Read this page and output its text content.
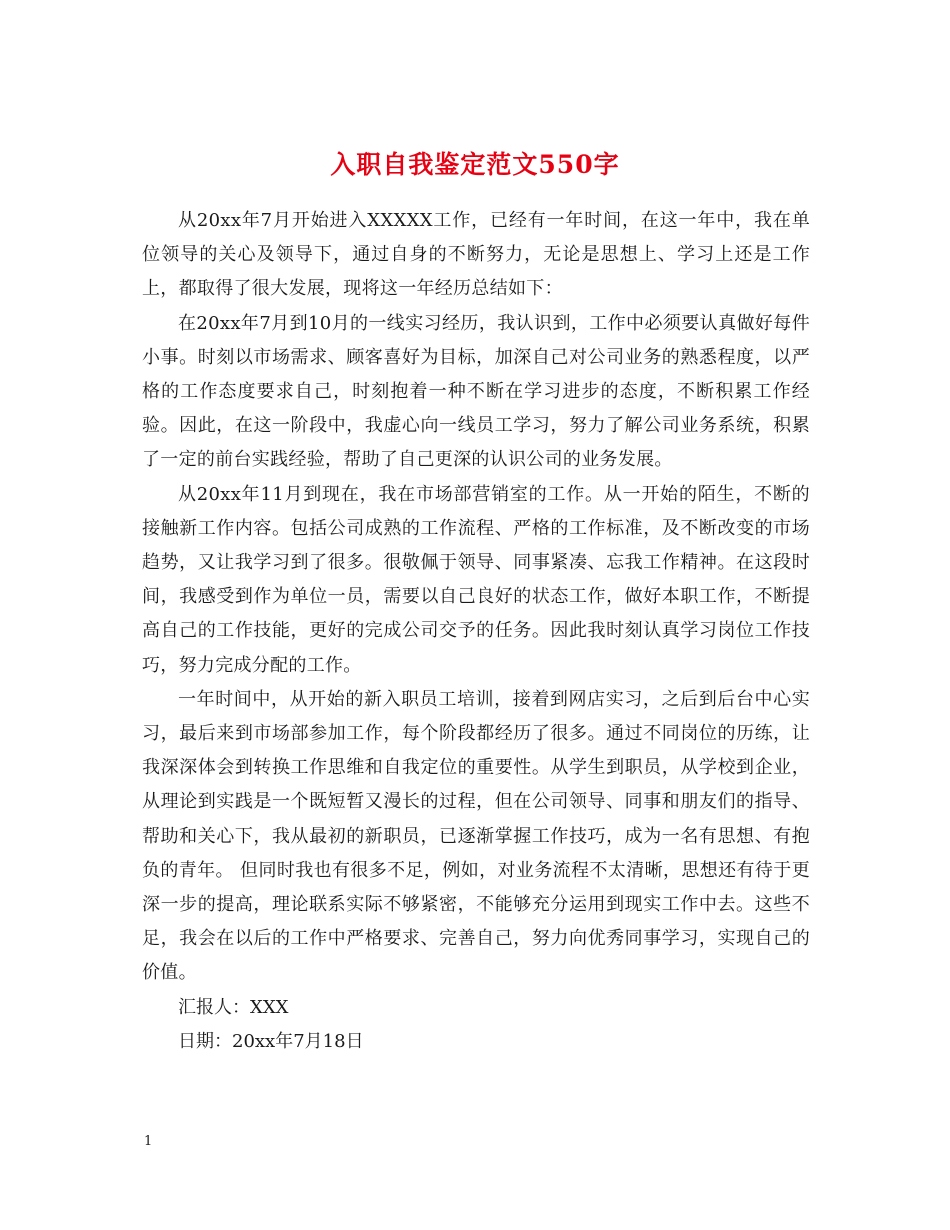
入职自我鉴定范文550字

从20xx年7月开始进入XXXXX工作，已经有一年时间，在这一年中，我在单位领导的关心及领导下，通过自身的不断努力，无论是思想上、学习上还是工作上，都取得了很大发展，现将这一年经历总结如下：

在20xx年7月到10月的一线实习经历，我认识到，工作中必须要认真做好每件小事。时刻以市场需求、顾客喜好为目标，加深自己对公司业务的熟悉程度，以严格的工作态度要求自己，时刻抱着一种不断在学习进步的态度，不断积累工作经验。因此，在这一阶段中，我虚心向一线员工学习，努力了解公司业务系统，积累了一定的前台实践经验，帮助了自己更深的认识公司的业务发展。

从20xx年11月到现在，我在市场部营销室的工作。从一开始的陌生，不断的接触新工作内容。包括公司成熟的工作流程、严格的工作标准，及不断改变的市场趋势，又让我学习到了很多。很敬佩于领导、同事紧凑、忘我工作精神。在这段时间，我感受到作为单位一员，需要以自己良好的状态工作，做好本职工作，不断提高自己的工作技能，更好的完成公司交予的任务。因此我时刻认真学习岗位工作技巧，努力完成分配的工作。

一年时间中，从开始的新入职员工培训，接着到网店实习，之后到后台中心实习，最后来到市场部参加工作，每个阶段都经历了很多。通过不同岗位的历练，让我深深体会到转换工作思维和自我定位的重要性。从学生到职员，从学校到企业，从理论到实践是一个既短暂又漫长的过程，但在公司领导、同事和朋友们的指导、帮助和关心下，我从最初的新职员，已逐渐掌握工作技巧，成为一名有思想、有抱负的青年。 但同时我也有很多不足，例如，对业务流程不太清晰，思想还有待于更深一步的提高，理论联系实际不够紧密，不能够充分运用到现实工作中去。这些不足，我会在以后的工作中严格要求、完善自己，努力向优秀同事学习，实现自己的价值。

汇报人：XXX

日期：20xx年7月18日

1
